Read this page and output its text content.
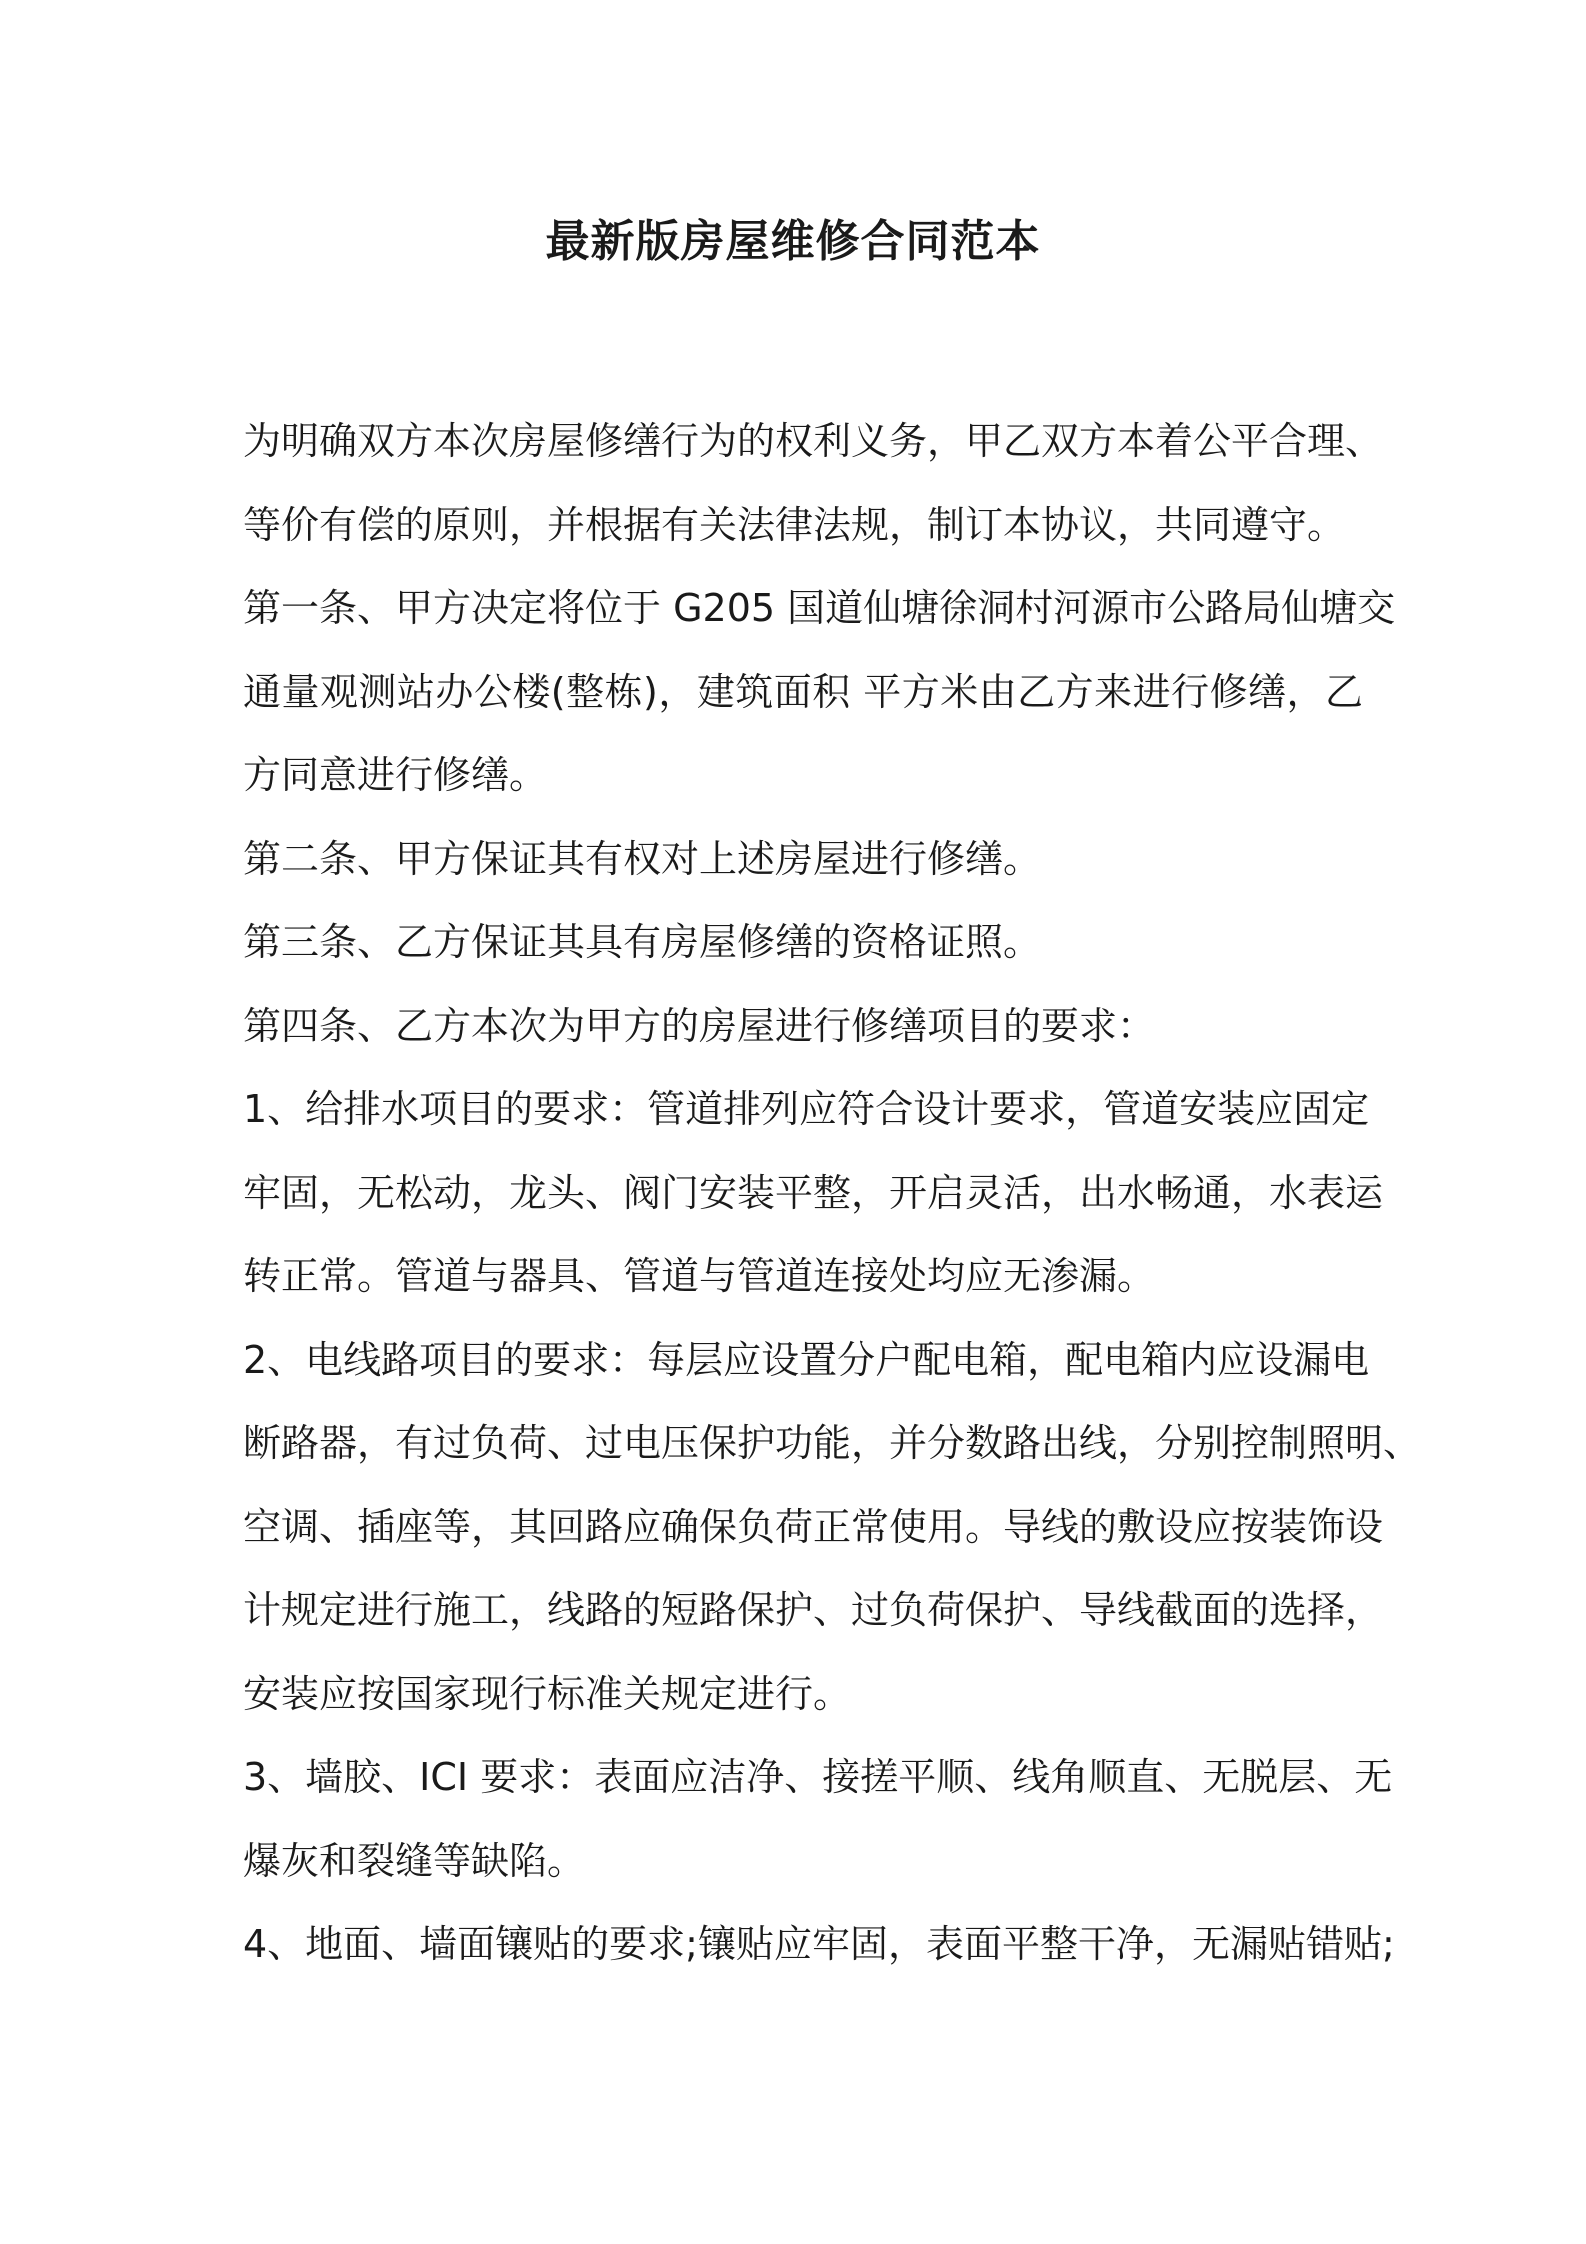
最新版房屋维修合同范本
为明确双方本次房屋修缮行为的权利义务，甲乙双方本着公平合理、
等价有偿的原则，并根据有关法律法规，制订本协议，共同遵守。
第一条、甲方决定将位于 G205 国道仙塘徐洞村河源市公路局仙塘交
通量观测站办公楼(整栋)，建筑面积 平方米由乙方来进行修缮，乙
方同意进行修缮。
第二条、甲方保证其有权对上述房屋进行修缮。
第三条、乙方保证其具有房屋修缮的资格证照。
第四条、乙方本次为甲方的房屋进行修缮项目的要求：
1、给排水项目的要求：管道排列应符合设计要求，管道安装应固定
牢固，无松动，龙头、阀门安装平整，开启灵活，出水畅通，水表运
转正常。管道与器具、管道与管道连接处均应无渗漏。
2、电线路项目的要求：每层应设置分户配电箱，配电箱内应设漏电
断路器，有过负荷、过电压保护功能，并分数路出线，分别控制照明、
空调、插座等，其回路应确保负荷正常使用。导线的敷设应按装饰设
计规定进行施工，线路的短路保护、过负荷保护、导线截面的选择，
安装应按国家现行标准关规定进行。
3、墙胶、ICI 要求：表面应洁净、接搓平顺、线角顺直、无脱层、无
爆灰和裂缝等缺陷。
4、地面、墙面镶贴的要求;镶贴应牢固，表面平整干净，无漏贴错贴;
